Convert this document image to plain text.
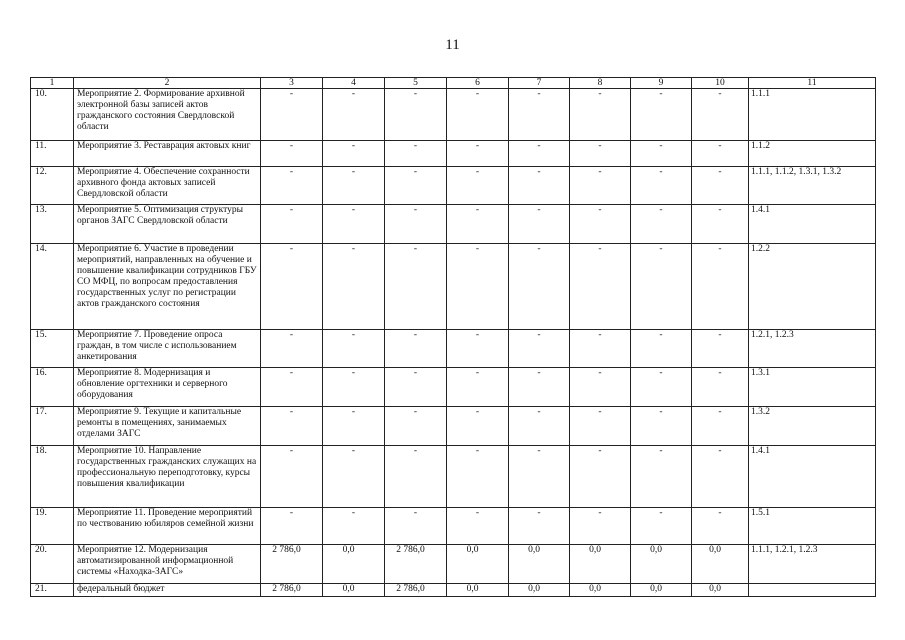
11
1	2	3	4	5	6	7	8	9	10	11
10.	Мероприятие 2. Формирование архивной электронной базы записей актов гражданского состояния Свердловской области	-	-	-	-	-	-	-	-	1.1.1
11.	Мероприятие 3. Реставрация актовых книг	-	-	-	-	-	-	-	-	1.1.2
12.	Мероприятие 4. Обеспечение сохранности архивного фонда актовых записей Свердловской области	-	-	-	-	-	-	-	-	1.1.1, 1.1.2, 1.3.1, 1.3.2
13.	Мероприятие 5. Оптимизация структуры органов ЗАГС Свердловской области	-	-	-	-	-	-	-	-	1.4.1
14.	Мероприятие 6. Участие в проведении мероприятий, направленных на обучение и повышение квалификации сотрудников ГБУ СО МФЦ, по вопросам предоставления государственных услуг по регистрации актов гражданского состояния	-	-	-	-	-	-	-	-	1.2.2
15.	Мероприятие 7. Проведение опроса граждан, в том числе с использованием анкетирования	-	-	-	-	-	-	-	-	1.2.1, 1.2.3
16.	Мероприятие 8. Модернизация и обновление оргтехники и серверного оборудования	-	-	-	-	-	-	-	-	1.3.1
17.	Мероприятие 9. Текущие и капитальные ремонты в помещениях, занимаемых отделами ЗАГС	-	-	-	-	-	-	-	-	1.3.2
18.	Мероприятие 10. Направление государственных гражданских служащих на профессиональную переподготовку, курсы повышения квалификации	-	-	-	-	-	-	-	-	1.4.1
19.	Мероприятие 11. Проведение мероприятий по чествованию юбиляров семейной жизни	-	-	-	-	-	-	-	-	1.5.1
20.	Мероприятие 12. Модернизация автоматизированной информационной системы «Находка-ЗАГС»	2 786,0	0,0	2 786,0	0,0	0,0	0,0	0,0	0,0	1.1.1, 1.2.1, 1.2.3
21.	федеральный бюджет	2 786,0	0,0	2 786,0	0,0	0,0	0,0	0,0	0,0	
